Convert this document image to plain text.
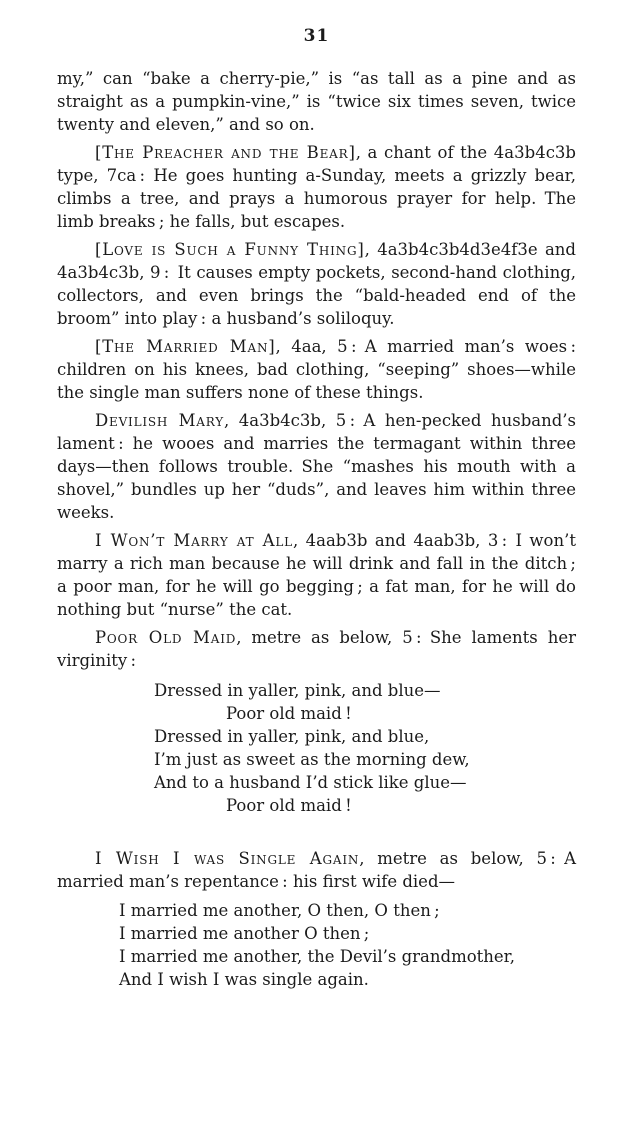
31

my,” can “bake a cherry-pie,” is “as tall as a pine and as straight as a pumpkin-vine,” is “twice six times seven, twice twenty and eleven,” and so on.

[The Preacher and the Bear], a chant of the 4a3b4c3b type, 7ca : He goes hunting a-Sunday, meets a grizzly bear, climbs a tree, and prays a humorous prayer for help. The limb breaks ; he falls, but escapes.

[Love is Such a Funny Thing], 4a3b4c3b4d3e4f3e and 4a3b4c3b, 9 : It causes empty pockets, second-hand clothing, collectors, and even brings the “bald-headed end of the broom” into play : a husband’s soliloquy.

[The Married Man], 4aa, 5 : A married man’s woes : children on his knees, bad clothing, “seeping” shoes—while the single man suffers none of these things.

Devilish Mary, 4a3b4c3b, 5 : A hen-pecked husband’s lament : he wooes and marries the termagant within three days—then follows trouble. She “mashes his mouth with a shovel,” bundles up her “duds”, and leaves him within three weeks.

I Won’t Marry at All, 4aab3b and 4aab3b, 3 : I won’t marry a rich man because he will drink and fall in the ditch ; a poor man, for he will go begging ; a fat man, for he will do nothing but “nurse” the cat.

Poor Old Maid, metre as below, 5 : She laments her virginity :

Dressed in yaller, pink, and blue—
Poor old maid !
Dressed in yaller, pink, and blue,
I’m just as sweet as the morning dew,
And to a husband I’d stick like glue—
Poor old maid !

I Wish I was Single Again, metre as below, 5 : A married man’s repentance : his first wife died—

I married me another, O then, O then ;
I married me another O then ;
I married me another, the Devil’s grandmother,
And I wish I was single again.
